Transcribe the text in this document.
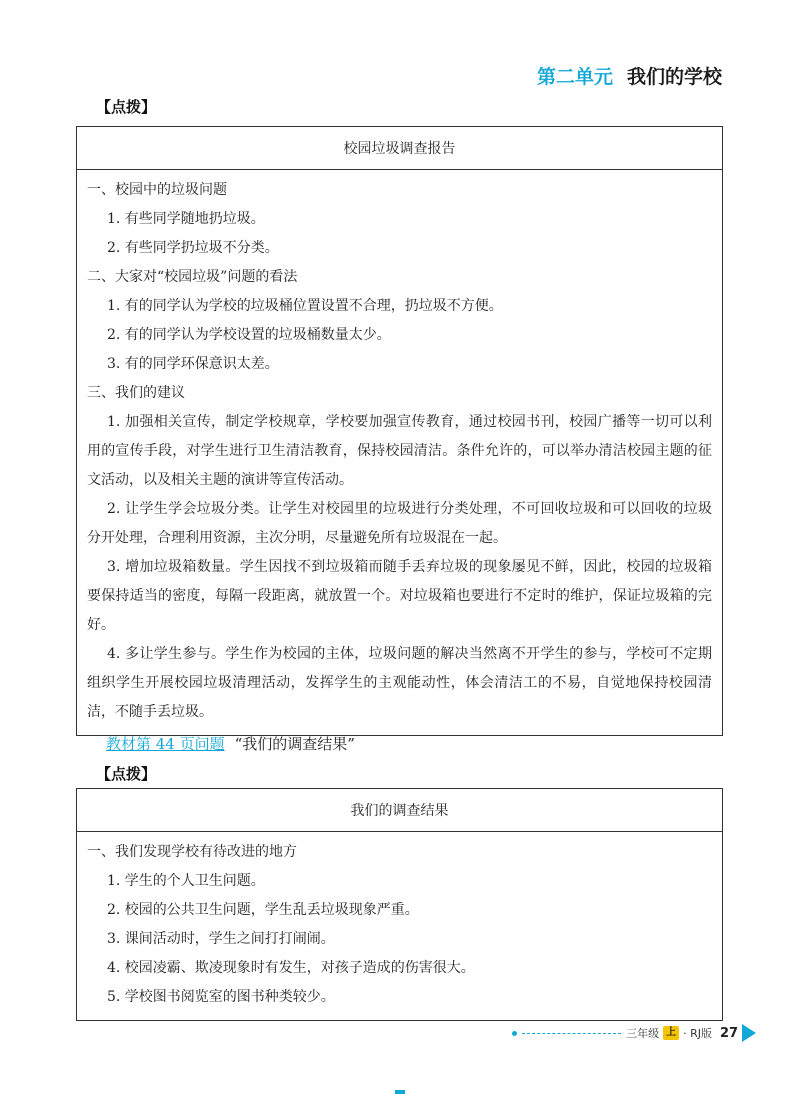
第二单元 我们的学校
【点拨】
校园垃圾调查报告
一、校园中的垃圾问题
1. 有些同学随地扔垃圾。
2. 有些同学扔垃圾不分类。
二、大家对“校园垃圾”问题的看法
1. 有的同学认为学校的垃圾桶位置设置不合理，扔垃圾不方便。
2. 有的同学认为学校设置的垃圾桶数量太少。
3. 有的同学环保意识太差。
三、我们的建议
1. 加强相关宣传，制定学校规章，学校要加强宣传教育，通过校园书刊，校园广播等一切可以利用的宣传手段，对学生进行卫生清洁教育，保持校园清洁。条件允许的，可以举办清洁校园主题的征文活动，以及相关主题的演讲等宣传活动。
2. 让学生学会垃圾分类。让学生对校园里的垃圾进行分类处理，不可回收垃圾和可以回收的垃圾分开处理，合理利用资源，主次分明，尽量避免所有垃圾混在一起。
3. 增加垃圾箱数量。学生因找不到垃圾箱而随手丢弃垃圾的现象屡见不鲜，因此，校园的垃圾箱要保持适当的密度，每隔一段距离，就放置一个。对垃圾箱也要进行不定时的维护，保证垃圾箱的完好。
4. 多让学生参与。学生作为校园的主体，垃圾问题的解决当然离不开学生的参与，学校可不定期组织学生开展校园垃圾清理活动，发挥学生的主观能动性，体会清洁工的不易，自觉地保持校园清洁，不随手丢垃圾。
教材第 44 页问题 “我们的调查结果”
【点拨】
我们的调查结果
一、我们发现学校有待改进的地方
1. 学生的个人卫生问题。
2. 校园的公共卫生问题，学生乱丢垃圾现象严重。
3. 课间活动时，学生之间打打闹闹。
4. 校园凌霸、欺凌现象时有发生，对孩子造成的伤害很大。
5. 学校图书阅览室的图书种类较少。
三年级 上 · RJ版 27
